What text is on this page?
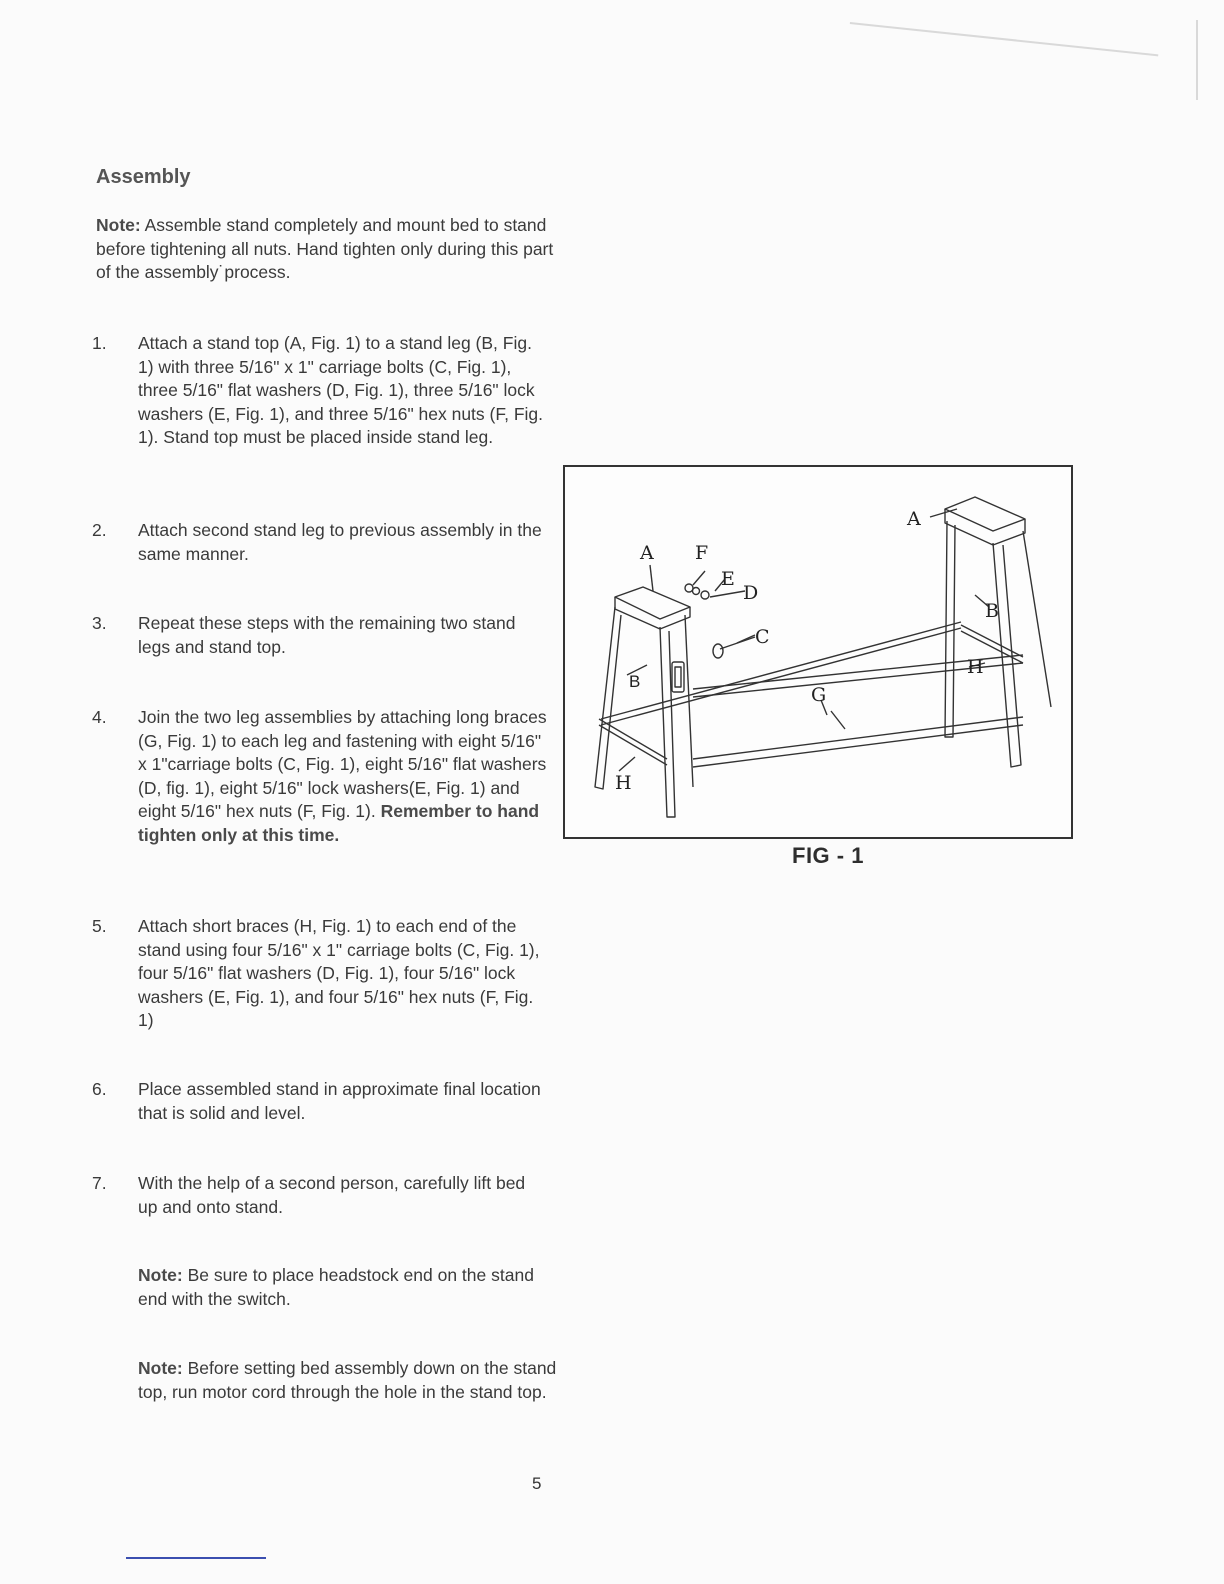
Assembly

Note: Assemble stand completely and mount bed to stand before tightening all nuts. Hand tighten only during this part of the assembly˙process.

1. Attach a stand top (A, Fig. 1) to a stand leg (B, Fig. 1) with three 5/16" x 1" carriage bolts (C, Fig. 1), three 5/16" flat washers (D, Fig. 1), three 5/16" lock washers (E, Fig. 1), and three 5/16" hex nuts (F, Fig. 1). Stand top must be placed inside stand leg.
2. Attach second stand leg to previous assembly in the same manner.
3. Repeat these steps with the remaining two stand legs and stand top.
4. Join the two leg assemblies by attaching long braces (G, Fig. 1) to each leg and fastening with eight 5/16" x 1"carriage bolts (C, Fig. 1), eight 5/16" flat washers (D, fig. 1), eight 5/16" lock washers(E, Fig. 1) and eight 5/16" hex nuts (F, Fig. 1). Remember to hand tighten only at this time.
5. Attach short braces (H, Fig. 1) to each end of the stand using four 5/16" x 1" carriage bolts (C, Fig. 1), four 5/16" flat washers (D, Fig. 1), four 5/16" lock washers (E, Fig. 1), and four 5/16" hex nuts (F, Fig. 1)
6. Place assembled stand in approximate final location that is solid and level.
7. With the help of a second person, carefully lift bed up and onto stand.

Note: Be sure to place headstock end on the stand end with the switch.

Note: Before setting bed assembly down on the stand top, run motor cord through the hole in the stand top.

A F
E
D
C
A
B
B
G
H
H
FIG - 1
5
